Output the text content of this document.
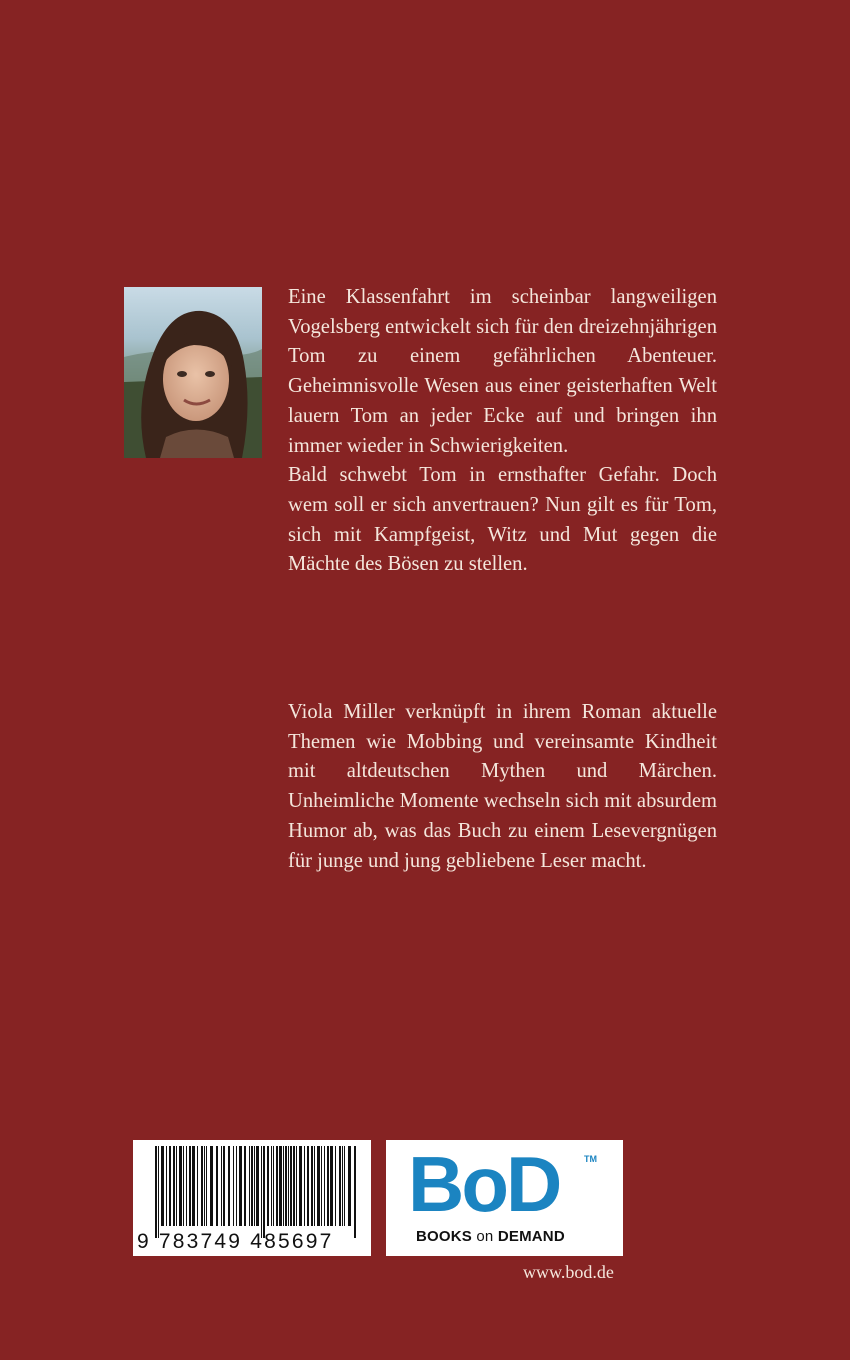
Eine Klassenfahrt im scheinbar langweiligen Vogelsberg entwickelt sich für den dreizehnjährigen Tom zu einem gefährlichen Abenteuer. Geheimnisvolle Wesen aus einer geisterhaften Welt lauern Tom an jeder Ecke auf und bringen ihn immer wieder in Schwierigkeiten.

Bald schwebt Tom in ernsthafter Gefahr. Doch wem soll er sich anvertrauen? Nun gilt es für Tom, sich mit Kampfgeist, Witz und Mut gegen die Mächte des Bösen zu stellen.

Viola Miller verknüpft in ihrem Roman aktuelle Themen wie Mobbing und vereinsamte Kindheit mit altdeutschen Mythen und Märchen. Unheimliche Momente wechseln sich mit absurdem Humor ab, was das Buch zu einem Lesevergnügen für junge und jung gebliebene Leser macht.

9 783749 485697
BoD	TM
BOOKS on DEMAND
www.bod.de
